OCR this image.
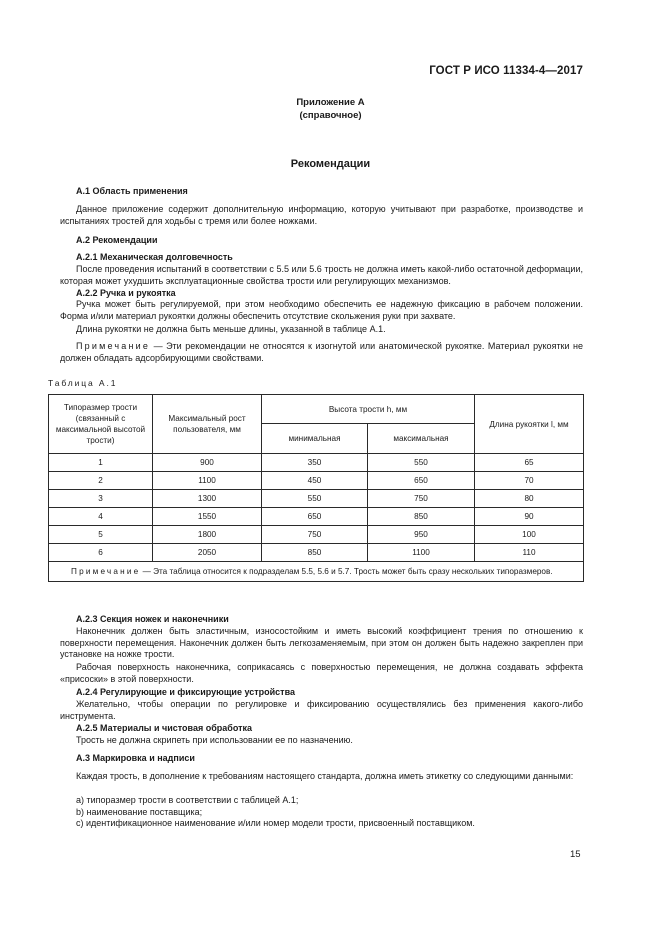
ГОСТ Р ИСО 11334-4—2017
Приложение А
(справочное)
Рекомендации
А.1 Область применения
Данное приложение содержит дополнительную информацию, которую учитывают при разработке, производстве и испытаниях тростей для ходьбы с тремя или более ножками.
А.2 Рекомендации
А.2.1 Механическая долговечность
После проведения испытаний в соответствии с 5.5 или 5.6 трость не должна иметь какой-либо остаточной деформации, которая может ухудшить эксплуатационные свойства трости или регулирующих механизмов.
А.2.2 Ручка и рукоятка
Ручка может быть регулируемой, при этом необходимо обеспечить ее надежную фиксацию в рабочем положении. Форма и/или материал рукоятки должны обеспечить отсутствие скольжения руки при захвате.
Длина рукоятки не должна быть меньше длины, указанной в таблице А.1.
Примечание — Эти рекомендации не относятся к изогнутой или анатомической рукоятке. Материал рукоятки не должен обладать адсорбирующими свойствами.
Таблица А.1
Типоразмер трости (связанный с максимальной высотой трости)	Максимальный рост пользователя, мм	Высота трости h, мм		Длина рукоятки l, мм
		минимальная	максимальная	
1	900	350	550	65
2	1100	450	650	70
3	1300	550	750	80
4	1550	650	850	90
5	1800	750	950	100
6	2050	850	1100	110

Примечание — Эта таблица относится к подразделам 5.5, 5.6 и 5.7. Трость может быть сразу нескольких типоразмеров.				
А.2.3 Секция ножек и наконечники
Наконечник должен быть эластичным, износостойким и иметь высокий коэффициент трения по отношению к поверхности перемещения. Наконечник должен быть легкозаменяемым, при этом он должен быть надежно закреплен при установке на ножке трости.
Рабочая поверхность наконечника, соприкасаясь с поверхностью перемещения, не должна создавать эффекта «присоски» в этой поверхности.
А.2.4 Регулирующие и фиксирующие устройства
Желательно, чтобы операции по регулировке и фиксированию осуществлялись без применения какого-либо инструмента.
А.2.5 Материалы и чистовая обработка
Трость не должна скрипеть при использовании ее по назначению.
А.3 Маркировка и надписи
Каждая трость, в дополнение к требованиям настоящего стандарта, должна иметь этикетку со следующими данными:
а) типоразмер трости в соответствии с таблицей А.1;
b) наименование поставщика;
с) идентификационное наименование и/или номер модели трости, присвоенный поставщиком.
15
